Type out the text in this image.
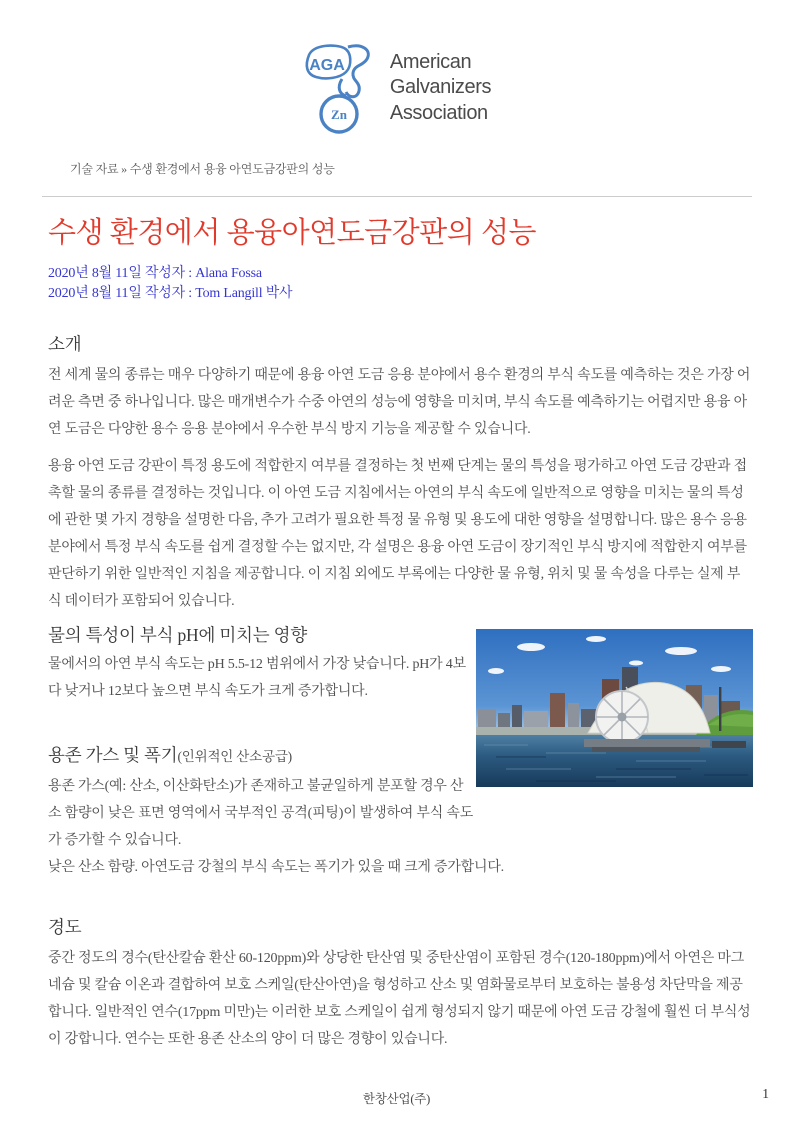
AGA
Zn
American
Galvanizers
Association
기술 자료 » 수생 환경에서 용융 아연도금강판의 성능
수생 환경에서 용융아연도금강판의 성능

2020년 8월 11일 작성자 : Alana Fossa

2020년 8월 11일 작성자 : Tom Langill 박사

소개

전 세계 물의 종류는 매우 다양하기 때문에 용융 아연 도금 응용 분야에서 용수 환경의 부식 속도를 예측하는 것은 가장 어려운 측면 중 하나입니다. 많은 매개변수가 수중 아연의 성능에 영향을 미치며, 부식 속도를 예측하기는 어렵지만 용융 아연 도금은 다양한 용수 응용 분야에서 우수한 부식 방지 기능을 제공할 수 있습니다.

용융 아연 도금 강판이 특정 용도에 적합한지 여부를 결정하는 첫 번째 단계는 물의 특성을 평가하고 아연 도금 강판과 접촉할 물의 종류를 결정하는 것입니다. 이 아연 도금 지침에서는 아연의 부식 속도에 일반적으로 영향을 미치는 물의 특성에 관한 몇 가지 경향을 설명한 다음, 추가 고려가 필요한 특정 물 유형 및 용도에 대한 영향을 설명합니다. 많은 용수 응용 분야에서 특정 부식 속도를 쉽게 결정할 수는 없지만, 각 설명은 용융 아연 도금이 장기적인 부식 방지에 적합한지 여부를 판단하기 위한 일반적인 지침을 제공합니다. 이 지침 외에도 부록에는 다양한 물 유형, 위치 및 물 속성을 다루는 실제 부식 데이터가 포함되어 있습니다.

물의 특성이 부식 pH에 미치는 영향

물에서의 아연 부식 속도는 pH 5.5-12 범위에서 가장 낮습니다. pH가 4보다 낮거나 12보다 높으면 부식 속도가 크게 증가합니다.

용존 가스 및 폭기(인위적인 산소공급)

용존 가스(예: 산소, 이산화탄소)가 존재하고 불균일하게 분포할 경우 산소 함량이 낮은 표면 영역에서 국부적인 공격(피팅)이 발생하여 부식 속도가 증가할 수 있습니다.

낮은 산소 함량. 아연도금 강철의 부식 속도는 폭기가 있을 때 크게 증가합니다.

경도

중간 정도의 경수(탄산칼슘 환산 60-120ppm)와 상당한 탄산염 및 중탄산염이 포함된 경수(120-180ppm)에서 아연은 마그네슘 및 칼슘 이온과 결합하여 보호 스케일(탄산아연)을 형성하고 산소 및 염화물로부터 보호하는 불용성 차단막을 제공합니다. 일반적인 연수(17ppm 미만)는 이러한 보호 스케일이 쉽게 형성되지 않기 때문에 아연 도금 강철에 훨씬 더 부식성이 강합니다. 연수는 또한 용존 산소의 양이 더 많은 경향이 있습니다.

한창산업(주)	1
